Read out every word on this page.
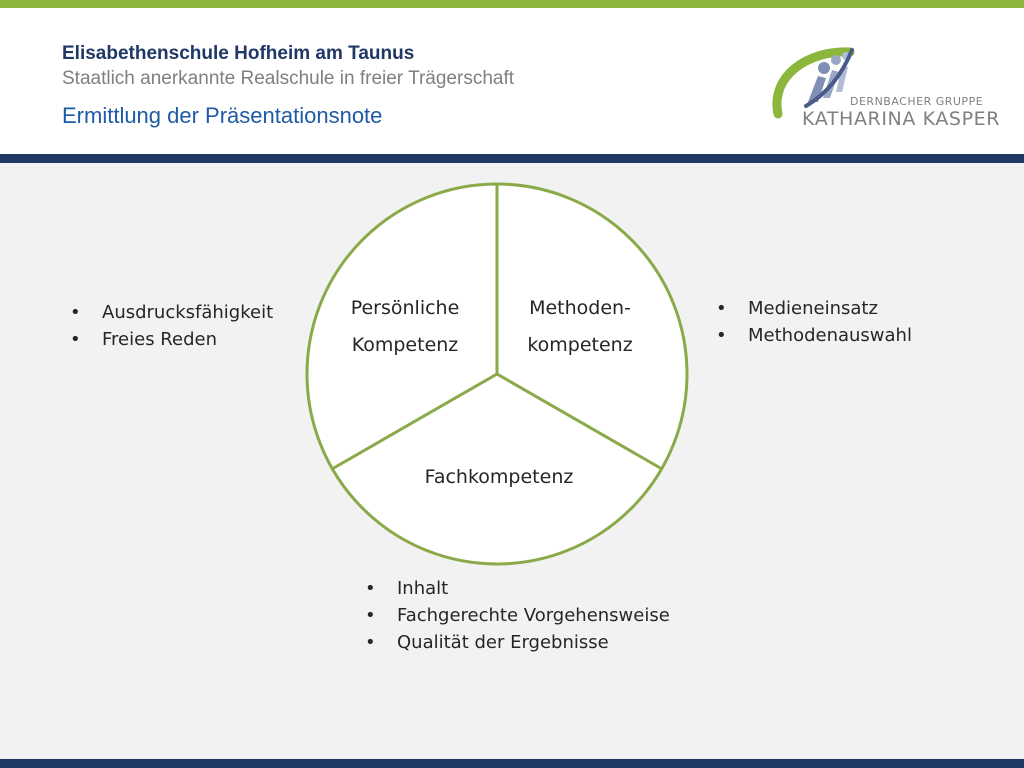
Elisabethenschule Hofheim am Taunus
Staatlich anerkannte Realschule in freier Trägerschaft
Ermittlung der Präsentationsnote
DERNBACHER GRUPPE
KATHARINA KASPER
Persönliche
Kompetenz
Methoden-
kompetenz
Fachkompetenz
• Ausdrucksfähigkeit
• Freies Reden
• Medieneinsatz
• Methodenauswahl
• Inhalt
• Fachgerechte Vorgehensweise
• Qualität der Ergebnisse
